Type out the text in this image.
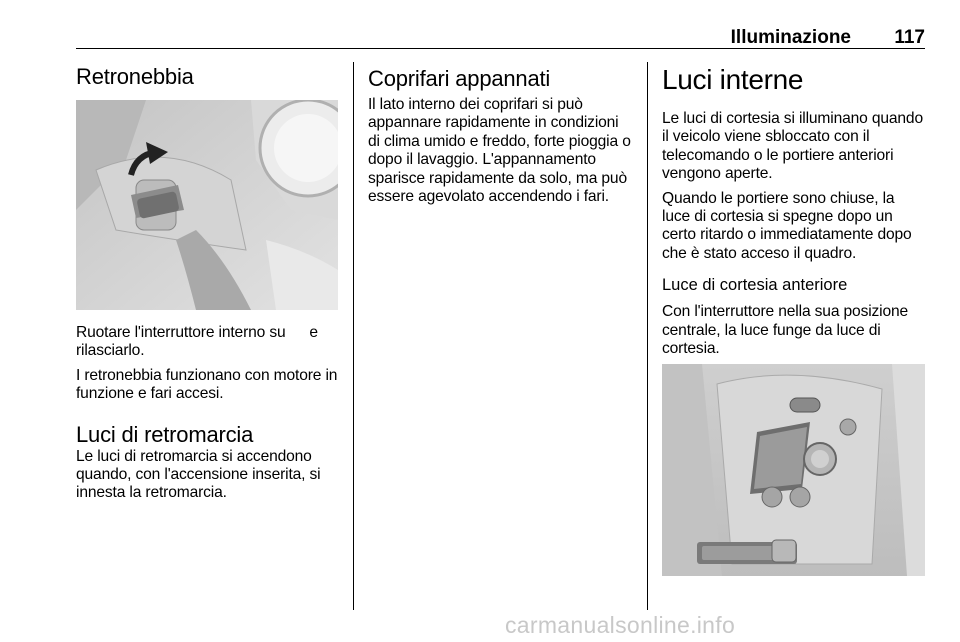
Illuminazione 117
Retronebbia

Ruotare l'interruttore interno su   e rilasciarlo.

I retronebbia funzionano con motore in funzione e fari accesi.

Luci di retromarcia

Le luci di retromarcia si accendono quando, con l'accensione inserita, si innesta la retromarcia.

Coprifari appannati

Il lato interno dei coprifari si può appannare rapidamente in condizioni di clima umido e freddo, forte pioggia o dopo il lavaggio. L'appannamento sparisce rapidamente da solo, ma può essere agevolato accendendo i fari.

Luci interne

Le luci di cortesia si illuminano quando il veicolo viene sbloccato con il telecomando o le portiere anteriori vengono aperte.

Quando le portiere sono chiuse, la luce di cortesia si spegne dopo un certo ritardo o immediatamente dopo che è stato acceso il quadro.

Luce di cortesia anteriore

Con l'interruttore nella sua posizione centrale, la luce funge da luce di cortesia.

carmanualsonline.info
